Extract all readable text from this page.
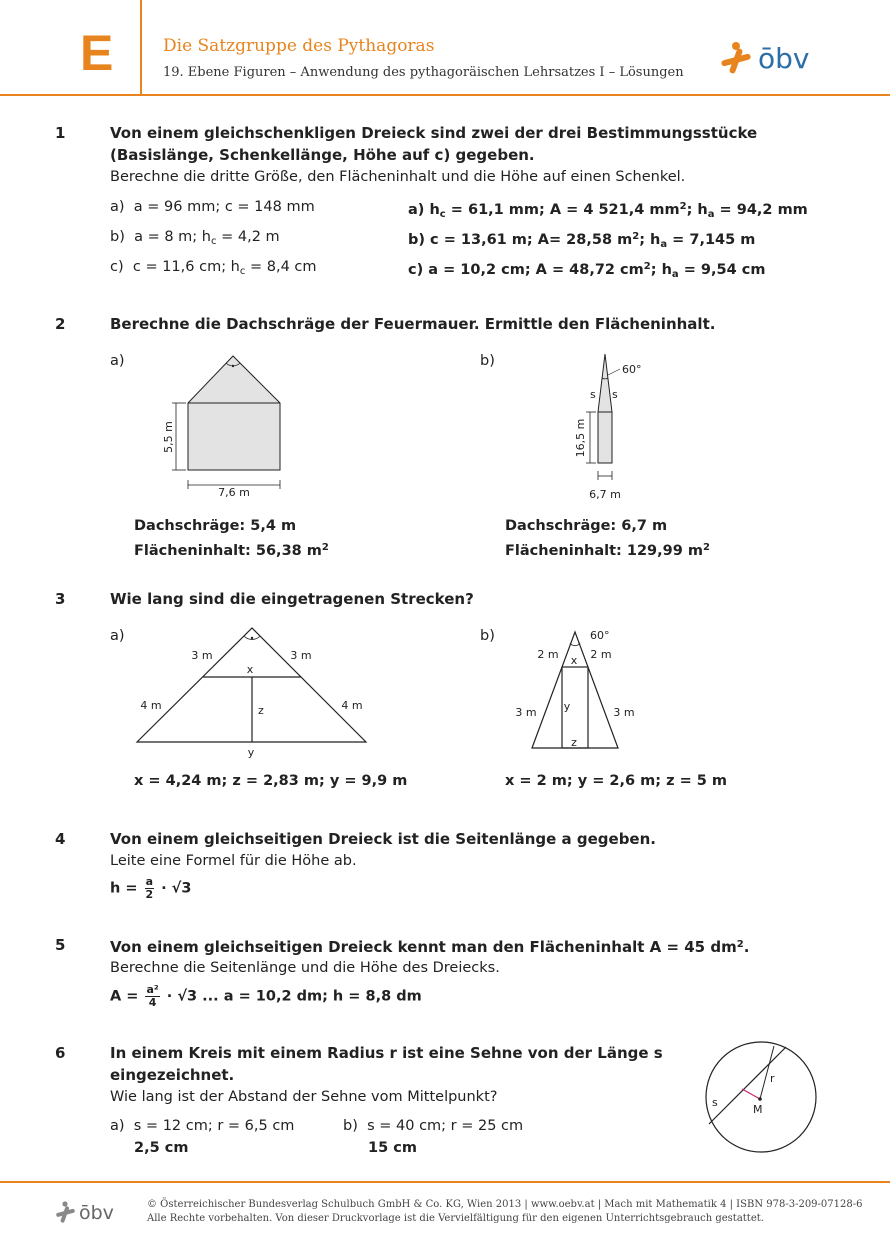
E	Die Satzgruppe des Pythagoras
19. Ebene Figuren – Anwendung des pythagoräischen Lehrsatzes I – Lösungen	ōbv
1	Von einem gleichschenkligen Dreieck sind zwei der drei Bestimmungsstücke
(Basislänge, Schenkellänge, Höhe auf c) gegeben.
Berechne die dritte Größe, den Flächeninhalt und die Höhe auf einen Schenkel.
a) a = 96 mm; c = 148 mm
b) a = 8 m; $h_c = 4,2$ m
c) c = 11,6 cm; $h_c = 8,4$ cm
a) $h_c = 61,1$ mm; A = 4 521,4 $mm^2$; $h_a = 94,2$ mm
b) c = 13,61 m; A= 28,58 $m^2$; $h_a = 7,145$ m
c) a = 10,2 cm; A = 48,72 $cm^2$; $h_a = 9,54$ cm
2	Berechne die Dachschräge der Feuermauer. Ermittle den Flächeninhalt.
a)	b)
5,5 m
7,6 m
60°
s s
16,5 m
6,7 m
Dachschräge: 5,4 m
Flächeninhalt: 56,38 $m^2$
Dachschräge: 6,7 m
Flächeninhalt: 129,99 $m^2$
3	Wie lang sind die eingetragenen Strecken?
a)	b)
3 m	3 m
4 m	4 m
x
z
y
60°
2 m	2 m
3 m	3 m
x
y
z
x = 4,24 m; z = 2,83 m; y = 9,9 m	x = 2 m; y = 2,6 m; z = 5 m
4	Von einem gleichseitigen Dreieck ist die Seitenlänge a gegeben.
Leite eine Formel für die Höhe ab.
$h = \frac{a}{2} \cdot √3$
5	Von einem gleichseitigen Dreieck kennt man den Flächeninhalt A = 45 $dm^2$.
Berechne die Seitenlänge und die Höhe des Dreiecks.
$A = \frac{\text{a²}}{4} \cdot √3$ ... a = 10,2 dm; h = 8,8 dm
6	In einem Kreis mit einem Radius r ist eine Sehne von der Länge s
eingezeichnet.
Wie lang ist der Abstand der Sehne vom Mittelpunkt?
a) s = 12 cm; r = 6,5 cm
2,5 cm
b) s = 40 cm; r = 25 cm
15 cm
r
s
M
ōbv	© Österreichischer Bundesverlag Schulbuch GmbH & Co. KG, Wien 2013 | www.oebv.at | Mach mit Mathematik 4 | ISBN 978-3-209-07128-6
Alle Rechte vorbehalten. Von dieser Druckvorlage ist die Vervielfältigung für den eigenen Unterrichtsgebrauch gestattet.
